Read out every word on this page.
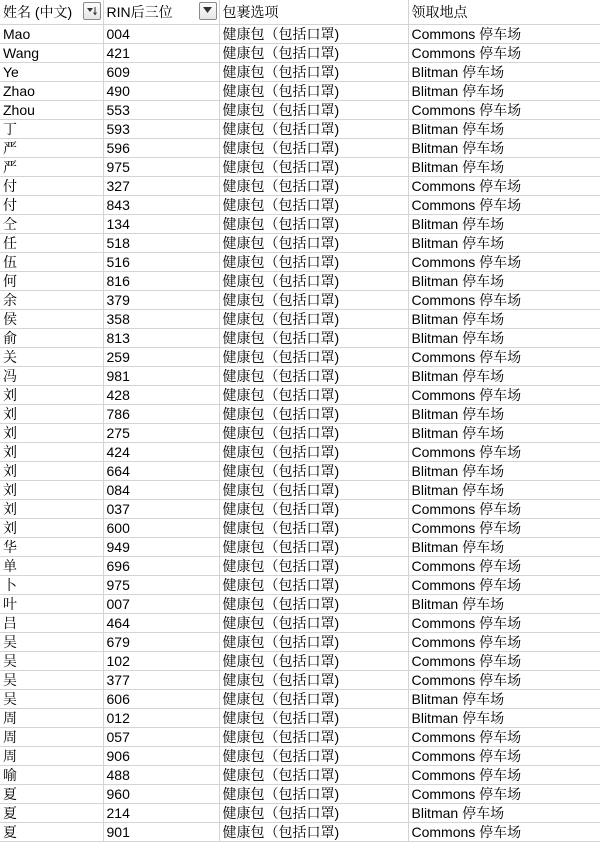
姓名 (中文)	RIN后三位	包裹选项	领取地点
Mao	004	健康包（包括口罩)	Commons 停车场
Wang	421	健康包（包括口罩)	Commons 停车场
Ye	609	健康包（包括口罩)	Blitman 停车场
Zhao	490	健康包（包括口罩)	Blitman 停车场
Zhou	553	健康包（包括口罩)	Commons 停车场
丁	593	健康包（包括口罩)	Blitman 停车场
严	596	健康包（包括口罩)	Blitman 停车场
严	975	健康包（包括口罩)	Blitman 停车场
付	327	健康包（包括口罩)	Commons 停车场
付	843	健康包（包括口罩)	Commons 停车场
仝	134	健康包（包括口罩)	Blitman 停车场
任	518	健康包（包括口罩)	Blitman 停车场
伍	516	健康包（包括口罩)	Commons 停车场
何	816	健康包（包括口罩)	Blitman 停车场
余	379	健康包（包括口罩)	Commons 停车场
侯	358	健康包（包括口罩)	Blitman 停车场
俞	813	健康包（包括口罩)	Blitman 停车场
关	259	健康包（包括口罩)	Commons 停车场
冯	981	健康包（包括口罩)	Blitman 停车场
刘	428	健康包（包括口罩)	Commons 停车场
刘	786	健康包（包括口罩)	Blitman 停车场
刘	275	健康包（包括口罩)	Blitman 停车场
刘	424	健康包（包括口罩)	Commons 停车场
刘	664	健康包（包括口罩)	Blitman 停车场
刘	084	健康包（包括口罩)	Blitman 停车场
刘	037	健康包（包括口罩)	Commons 停车场
刘	600	健康包（包括口罩)	Commons 停车场
华	949	健康包（包括口罩)	Blitman 停车场
单	696	健康包（包括口罩)	Commons 停车场
卜	975	健康包（包括口罩)	Commons 停车场
叶	007	健康包（包括口罩)	Blitman 停车场
吕	464	健康包（包括口罩)	Commons 停车场
吴	679	健康包（包括口罩)	Commons 停车场
吴	102	健康包（包括口罩)	Commons 停车场
吴	377	健康包（包括口罩)	Commons 停车场
吴	606	健康包（包括口罩)	Blitman 停车场
周	012	健康包（包括口罩)	Blitman 停车场
周	057	健康包（包括口罩)	Commons 停车场
周	906	健康包（包括口罩)	Commons 停车场
喻	488	健康包（包括口罩)	Commons 停车场
夏	960	健康包（包括口罩)	Commons 停车场
夏	214	健康包（包括口罩)	Blitman 停车场
夏	901	健康包（包括口罩)	Commons 停车场
